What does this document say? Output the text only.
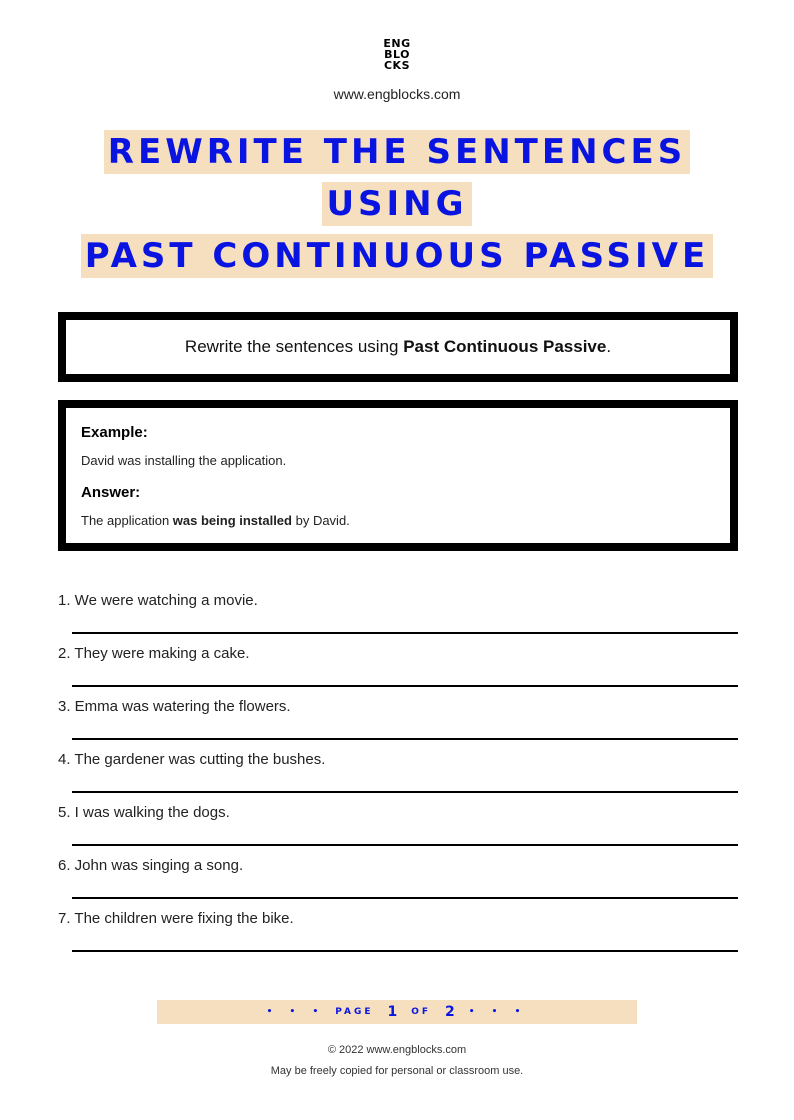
ENG
BLO
CKS
www.engblocks.com
REWRITE THE SENTENCES
USING
PAST CONTINUOUS PASSIVE
Rewrite the sentences using Past Continuous Passive.
Example:
David was installing the application.
Answer:
The application was being installed by David.
1. We were watching a movie.
2. They were making a cake.
3. Emma was watering the flowers.
4. The gardener was cutting the bushes.
5. I was walking the dogs.
6. John was singing a song.
7. The children were fixing the bike.
• • • PAGE 1 OF 2 • • •
© 2022 www.engblocks.com
May be freely copied for personal or classroom use.
